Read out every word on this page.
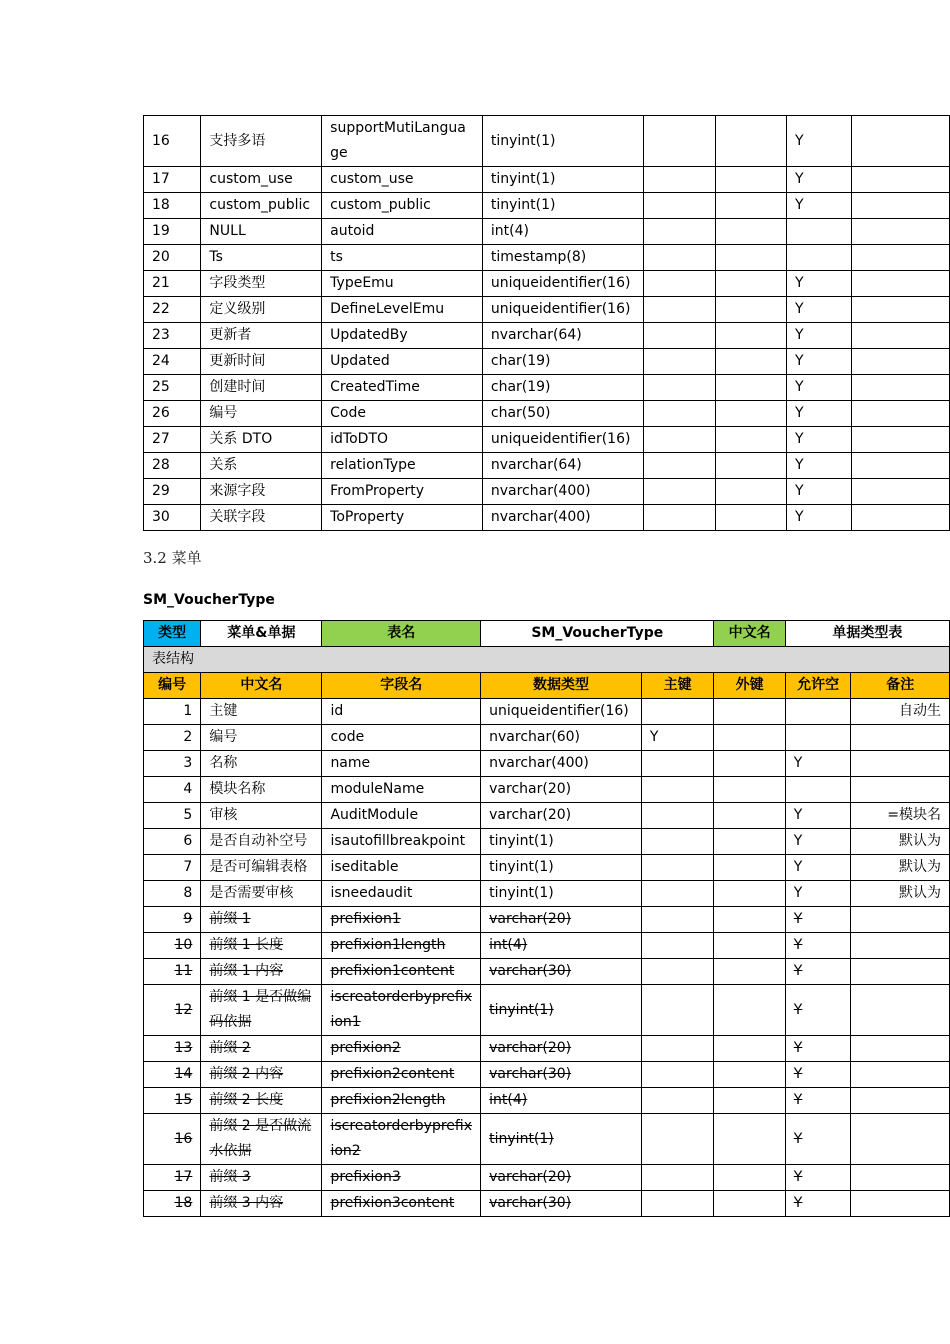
16	支持多语	supportMutiLanguage	tinyint(1)			Y	
17	custom_use	custom_use	tinyint(1)			Y	
18	custom_public	custom_public	tinyint(1)			Y	
19	NULL	autoid	int(4)				
20	Ts	ts	timestamp(8)				
21	字段类型	TypeEmu	uniqueidentifier(16)			Y	
22	定义级别	DefineLevelEmu	uniqueidentifier(16)			Y	
23	更新者	UpdatedBy	nvarchar(64)			Y	
24	更新时间	Updated	char(19)			Y	
25	创建时间	CreatedTime	char(19)			Y	
26	编号	Code	char(50)			Y	
27	关系 DTO	idToDTO	uniqueidentifier(16)			Y	
28	关系	relationType	nvarchar(64)			Y	
29	来源字段	FromProperty	nvarchar(400)			Y	
30	关联字段	ToProperty	nvarchar(400)			Y	
3.2 菜单
SM_VoucherType
类型	菜单&单据	表名	SM_VoucherType		中文名	单据类型表	
表结构							
编号	中文名	字段名	数据类型	主键	外键	允许空	备注
1	主键	id	uniqueidentifier(16)				自动生
2	编号	code	nvarchar(60)	Y			
3	名称	name	nvarchar(400)			Y	
4	模块名称	moduleName	varchar(20)				
5	审核	AuditModule	varchar(20)			Y	=模块名
6	是否自动补空号	isautofillbreakpoint	tinyint(1)			Y	默认为
7	是否可编辑表格	iseditable	tinyint(1)			Y	默认为
8	是否需要审核	isneedaudit	tinyint(1)			Y	默认为
9	前缀 1	prefixion1	varchar(20)			Y	
10	前缀 1 长度	prefixion1length	int(4)			Y	
11	前缀 1 内容	prefixion1content	varchar(30)			Y	
12	前缀 1 是否做编码依据	iscreatorderbyprefixion1	tinyint(1)			Y	
13	前缀 2	prefixion2	varchar(20)			Y	
14	前缀 2 内容	prefixion2content	varchar(30)			Y	
15	前缀 2 长度	prefixion2length	int(4)			Y	
16	前缀 2 是否做流水依据	iscreatorderbyprefixion2	tinyint(1)			Y	
17	前缀 3	prefixion3	varchar(20)			Y	
18	前缀 3 内容	prefixion3content	varchar(30)			Y	
